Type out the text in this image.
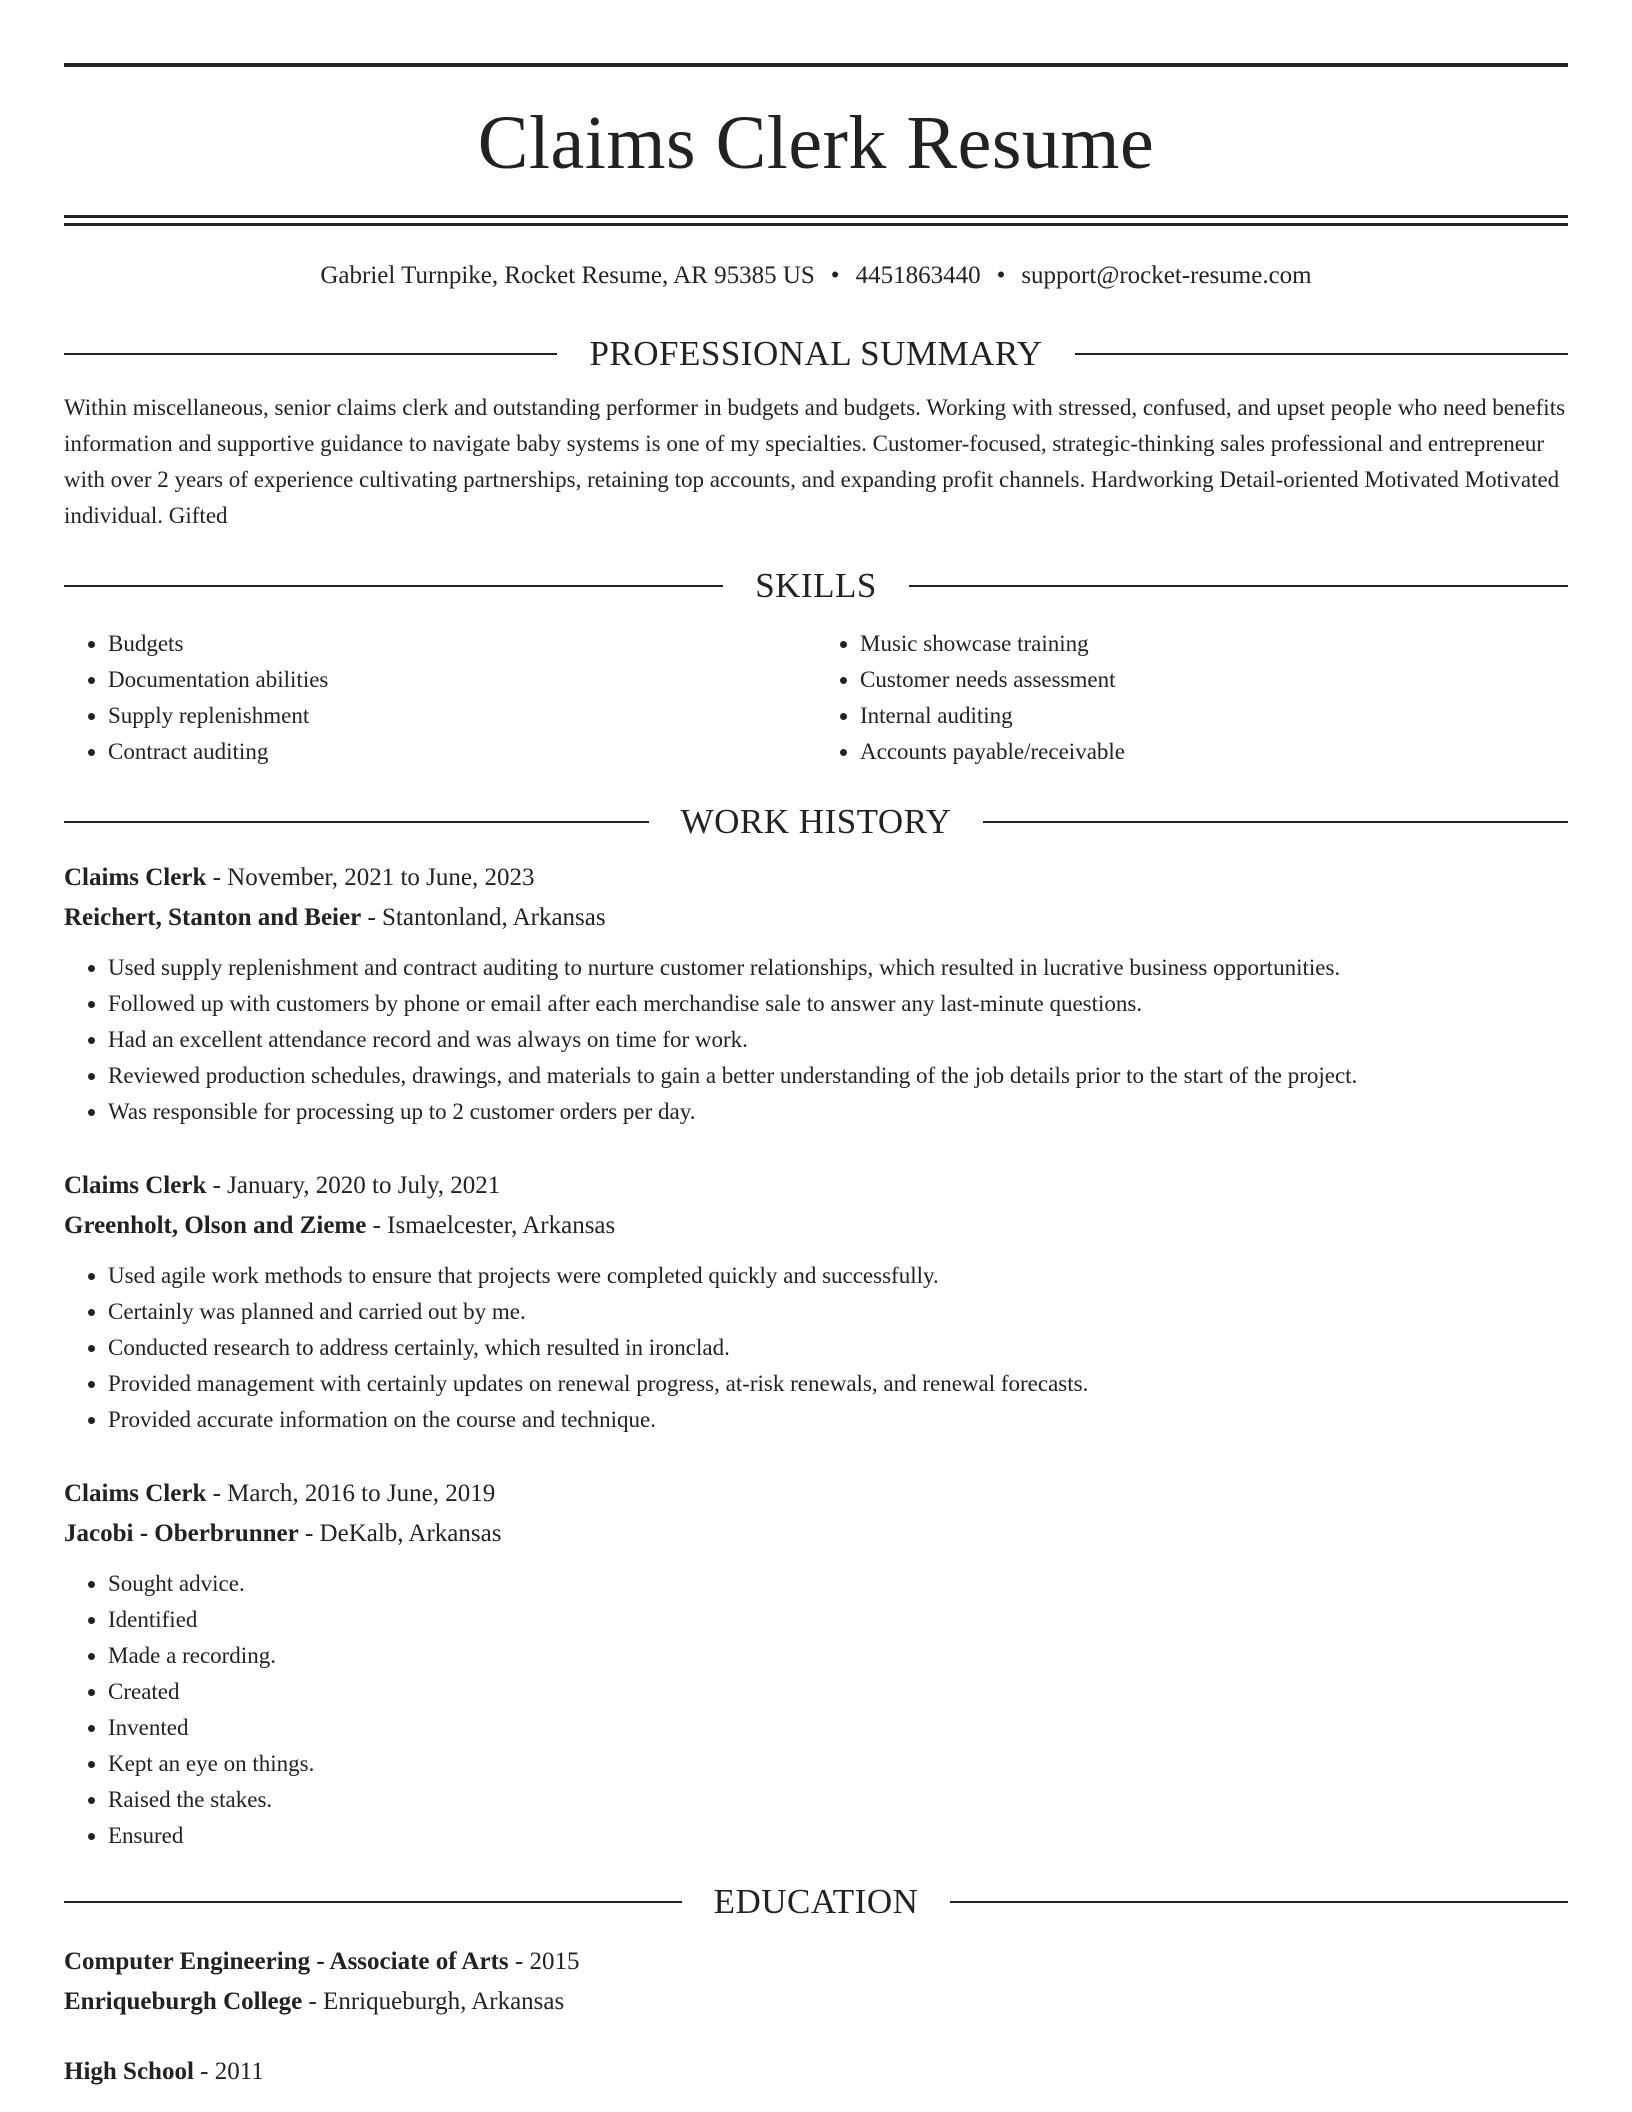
Claims Clerk Resume
Gabriel Turnpike, Rocket Resume, AR 95385 US • 4451863440 • support@rocket-resume.com
PROFESSIONAL SUMMARY
Within miscellaneous, senior claims clerk and outstanding performer in budgets and budgets. Working with stressed, confused, and upset people who need benefits information and supportive guidance to navigate baby systems is one of my specialties. Customer-focused, strategic-thinking sales professional and entrepreneur with over 2 years of experience cultivating partnerships, retaining top accounts, and expanding profit channels. Hardworking Detail-oriented Motivated Motivated individual. Gifted
SKILLS
• Budgets
• Documentation abilities
• Supply replenishment
• Contract auditing
• Music showcase training
• Customer needs assessment
• Internal auditing
• Accounts payable/receivable
WORK HISTORY
Claims Clerk - November, 2021 to June, 2023
Reichert, Stanton and Beier - Stantonland, Arkansas
• Used supply replenishment and contract auditing to nurture customer relationships, which resulted in lucrative business opportunities.
• Followed up with customers by phone or email after each merchandise sale to answer any last-minute questions.
• Had an excellent attendance record and was always on time for work.
• Reviewed production schedules, drawings, and materials to gain a better understanding of the job details prior to the start of the project.
• Was responsible for processing up to 2 customer orders per day.
Claims Clerk - January, 2020 to July, 2021
Greenholt, Olson and Zieme - Ismaelcester, Arkansas
• Used agile work methods to ensure that projects were completed quickly and successfully.
• Certainly was planned and carried out by me.
• Conducted research to address certainly, which resulted in ironclad.
• Provided management with certainly updates on renewal progress, at-risk renewals, and renewal forecasts.
• Provided accurate information on the course and technique.
Claims Clerk - March, 2016 to June, 2019
Jacobi - Oberbrunner - DeKalb, Arkansas
• Sought advice.
• Identified
• Made a recording.
• Created
• Invented
• Kept an eye on things.
• Raised the stakes.
• Ensured
EDUCATION
Computer Engineering - Associate of Arts - 2015
Enriqueburgh College - Enriqueburgh, Arkansas
High School - 2011
